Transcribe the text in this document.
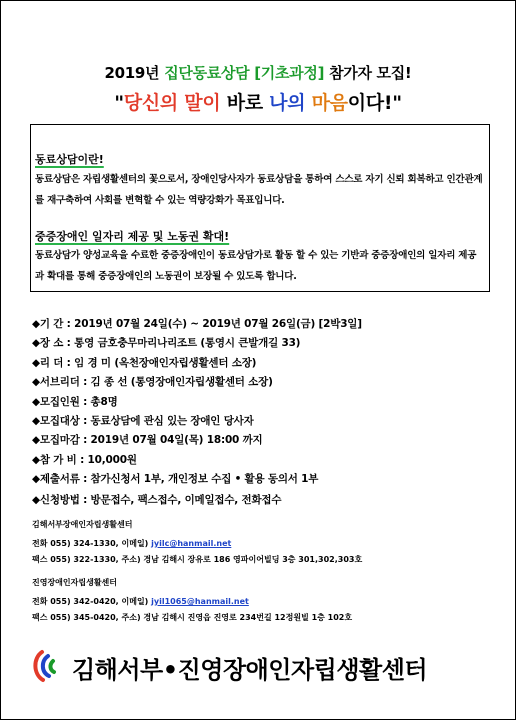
2019년 집단동료상담 [기초과정] 참가자 모집!
"당신의 말이 바로 나의 마음이다!"
동료상담이란!

동료상담은 자립생활센터의 꽃으로서, 장애인당사자가 동료상담을 통하여 스스로 자기 신뢰 회복하고 인간관계를 재구축하여 사회를 변혁할 수 있는 역량강화가 목표입니다.

중증장애인 일자리 제공 및 노동권 확대!

동료상담가 양성교육을 수료한 중증장애인이 동료상담가로 활동 할 수 있는 기반과 중증장애인의 일자리 제공과 확대를 통해 중증장애인의 노동권이 보장될 수 있도록 합니다.

◆기 간 : 2019년 07월 24일(수) ~ 2019년 07월 26일(금) [2박3일]
◆장 소 : 통영 금호충무마리나리조트 (통영시 큰발개길 33)
◆리 더 : 임 경 미 (옥천장애인자립생활센터 소장)
◆서브리더 : 김 종 선 (통영장애인자립생활센터 소장)
◆모집인원 : 총8명
◆모집대상 : 동료상담에 관심 있는 장애인 당사자
◆모집마감 : 2019년 07월 04일(목) 18:00 까지
◆참 가 비 : 10,000원
◆제출서류 : 참가신청서 1부, 개인정보 수집 • 활용 동의서 1부
◆신청방법 : 방문접수, 팩스접수, 이메일접수, 전화접수
김해서부장애인자립생활센터
전화 055) 324-1330, 이메일) jyilc@hanmail.net
팩스 055) 322-1330, 주소) 경남 김해시 장유로 186 영파이어빌딩 3층 301,302,303호
진영장애인자립생활센터
전화 055) 342-0420, 이메일) jyil1065@hanmail.net
팩스 055) 345-0420, 주소) 경남 김해시 진영읍 진영로 234번길 12정원빌 1층 102호
김해서부•진영장애인자립생활센터
